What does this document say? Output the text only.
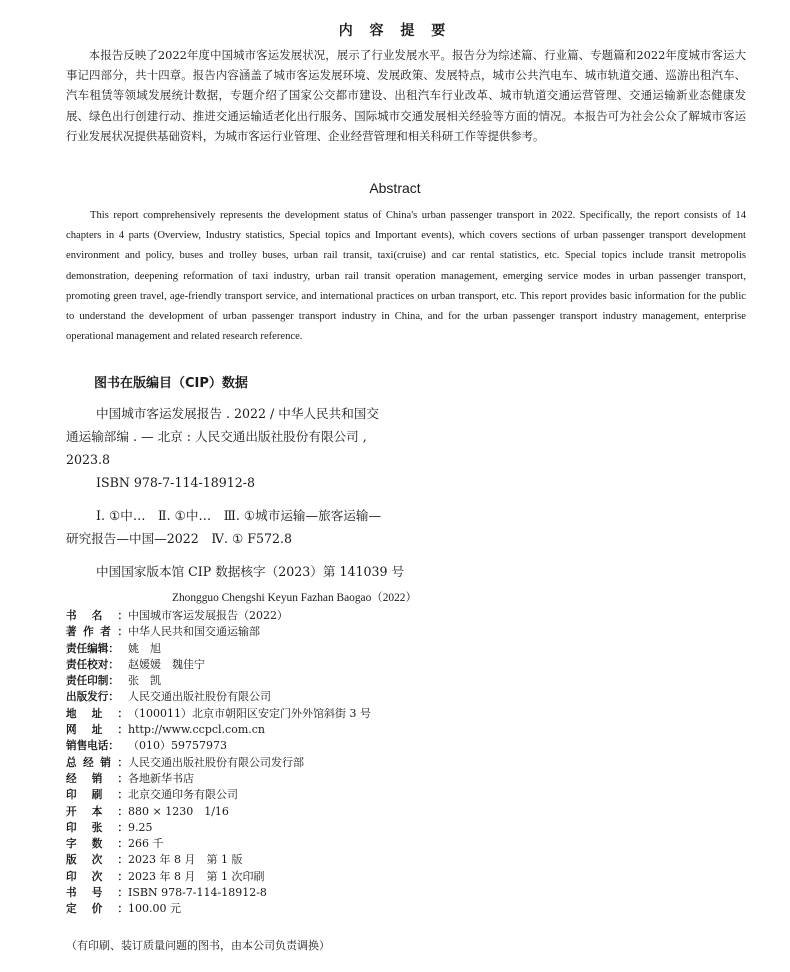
内 容 提 要
本报告反映了2022年度中国城市客运发展状况，展示了行业发展水平。报告分为综述篇、行业篇、专题篇和2022年度城市客运大事记四部分，共十四章。报告内容涵盖了城市客运发展环境、发展政策、发展特点，城市公共汽电车、城市轨道交通、巡游出租汽车、汽车租赁等领域发展统计数据，专题介绍了国家公交都市建设、出租汽车行业改革、城市轨道交通运营管理、交通运输新业态健康发展、绿色出行创建行动、推进交通运输适老化出行服务、国际城市交通发展相关经验等方面的情况。本报告可为社会公众了解城市客运行业发展状况提供基础资料，为城市客运行业管理、企业经营管理和相关科研工作等提供参考。
Abstract
This report comprehensively represents the development status of China's urban passenger transport in 2022. Specifically, the report consists of 14 chapters in 4 parts (Overview, Industry statistics, Special topics and Important events), which covers sections of urban passenger transport development environment and policy, buses and trolley buses, urban rail transit, taxi(cruise) and car rental statistics, etc. Special topics include transit metropolis demonstration, deepening reformation of taxi industry, urban rail transit operation management, emerging service modes in urban passenger transport, promoting green travel, age-friendly transport service, and international practices on urban transport, etc. This report provides basic information for the public to understand the development of urban passenger transport industry in China, and for the urban passenger transport industry management, enterprise operational management and related research reference.
图书在版编目（CIP）数据
中国城市客运发展报告 . 2022 / 中华人民共和国交
通运输部编 . — 北京 : 人民交通出版社股份有限公司 ,
2023.8
ISBN 978-7-114-18912-8
Ⅰ. ①中…　Ⅱ. ①中…　Ⅲ. ①城市运输—旅客运输—
研究报告—中国—2022　Ⅳ. ① F572.8
中国国家版本馆 CIP 数据核字（2023）第 141039 号
Zhongguo Chengshi Keyun Fazhan Baogao（2022）
书 名 ： 中国城市客运发展报告（2022）
著 作 者 ： 中华人民共和国交通运输部
责任编辑： 姚　旭
责任校对： 赵媛媛　魏佳宁
责任印制： 张　凯
出版发行： 人民交通出版社股份有限公司
地 址 ： （100011）北京市朝阳区安定门外外馆斜街 3 号
网 址 ： http://www.ccpcl.com.cn
销售电话： （010）59757973
总 经 销 ： 人民交通出版社股份有限公司发行部
经 销 ： 各地新华书店
印 刷 ： 北京交通印务有限公司
开 本 ： 880 × 1230　1/16
印 张 ： 9.25
字 数 ： 266 千
版 次 ： 2023 年 8 月　第 1 版
印 次 ： 2023 年 8 月　第 1 次印刷
书 号 ： ISBN 978-7-114-18912-8
定 价 ： 100.00 元
（有印刷、装订质量问题的图书，由本公司负责调换）
